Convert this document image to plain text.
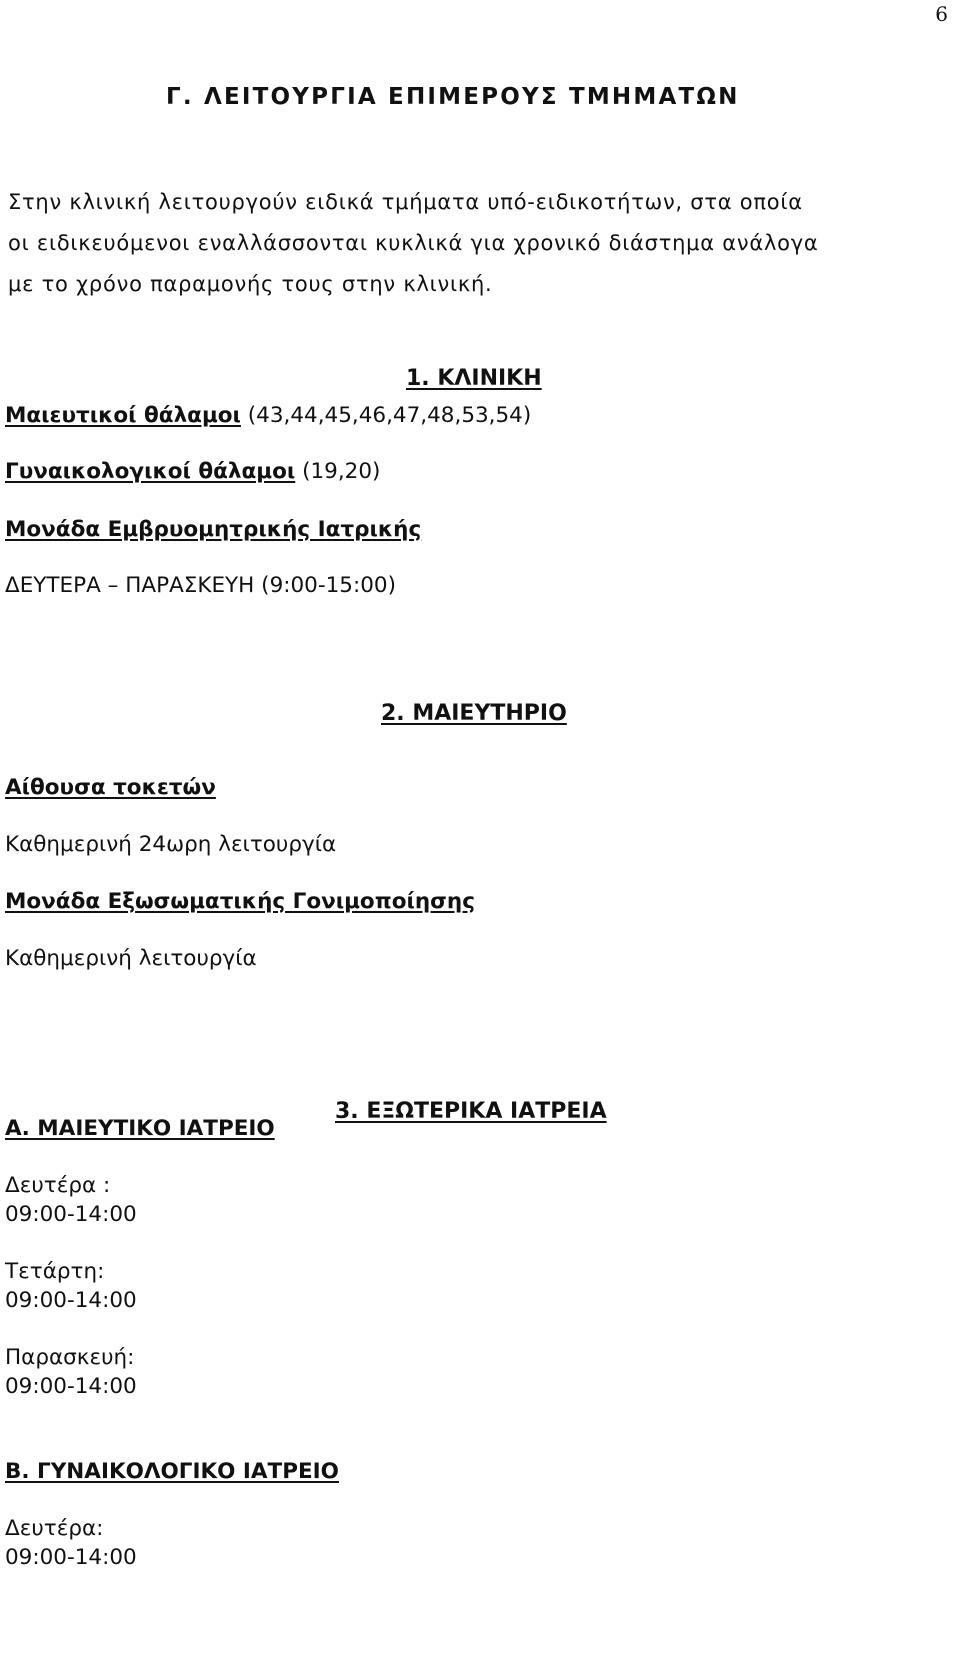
6
Γ. ΛΕΙΤΟΥΡΓΙΑ ΕΠΙΜΕΡΟΥΣ ΤΜΗΜΑΤΩΝ
Στην κλινική λειτουργούν ειδικά τμήματα υπό-ειδικοτήτων, στα οποία
οι ειδικευόμενοι εναλλάσσονται κυκλικά για χρονικό διάστημα ανάλογα
με το χρόνο παραμονής τους στην κλινική.
1. ΚΛΙΝΙΚΗ
Μαιευτικοί θάλαμοι (43,44,45,46,47,48,53,54)
Γυναικολογικοί θάλαμοι (19,20)
Μονάδα Εμβρυομητρικής Ιατρικής
ΔΕΥΤΕΡΑ – ΠΑΡΑΣΚΕΥΗ (9:00-15:00)
2. ΜΑΙΕΥΤΗΡΙΟ
Αίθουσα τοκετών
Καθημερινή 24ωρη λειτουργία
Μονάδα Εξωσωματικής Γονιμοποίησης
Καθημερινή λειτουργία
3. ΕΞΩΤΕΡΙΚΑ ΙΑΤΡΕΙΑ
Α. ΜΑΙΕΥΤΙΚΟ ΙΑΤΡΕΙΟ
Δευτέρα :
09:00-14:00
Τετάρτη:
09:00-14:00
Παρασκευή:
09:00-14:00
Β. ΓΥΝΑΙΚΟΛΟΓΙΚΟ ΙΑΤΡΕΙΟ
Δευτέρα:
09:00-14:00
